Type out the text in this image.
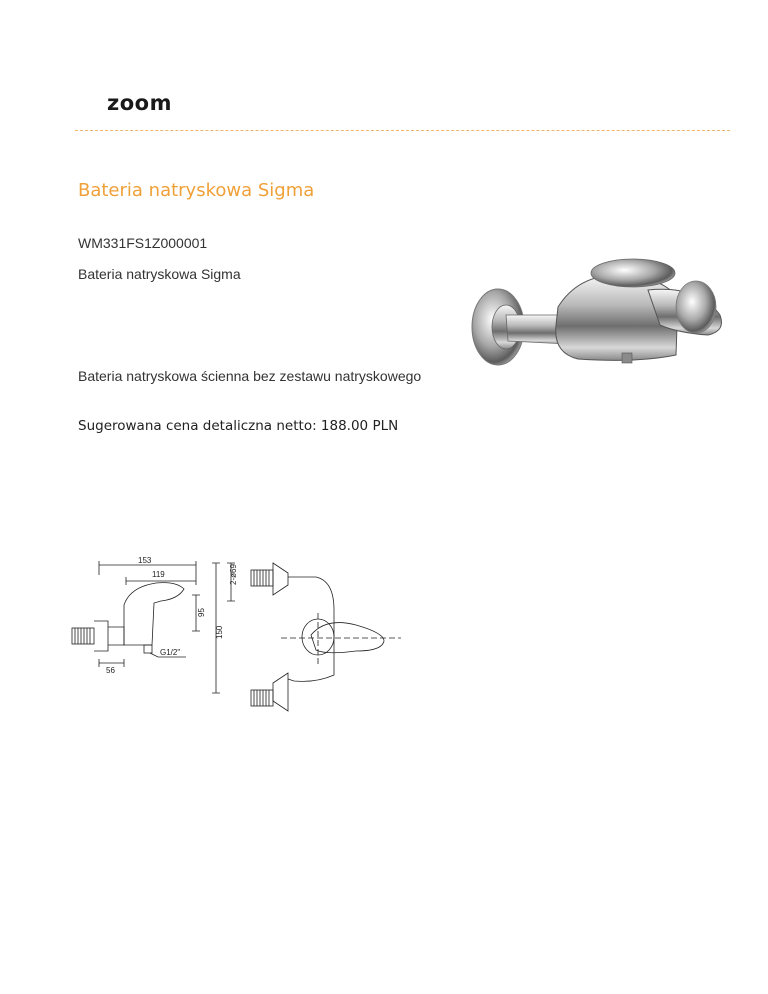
zoom
Bateria natryskowa Sigma
WM331FS1Z000001
Bateria natryskowa Sigma
Bateria natryskowa ścienna bez zestawu natryskowego
Sugerowana cena detaliczna netto: 188.00 PLN
153
119
95
150
2-ø69
56
G1/2"
